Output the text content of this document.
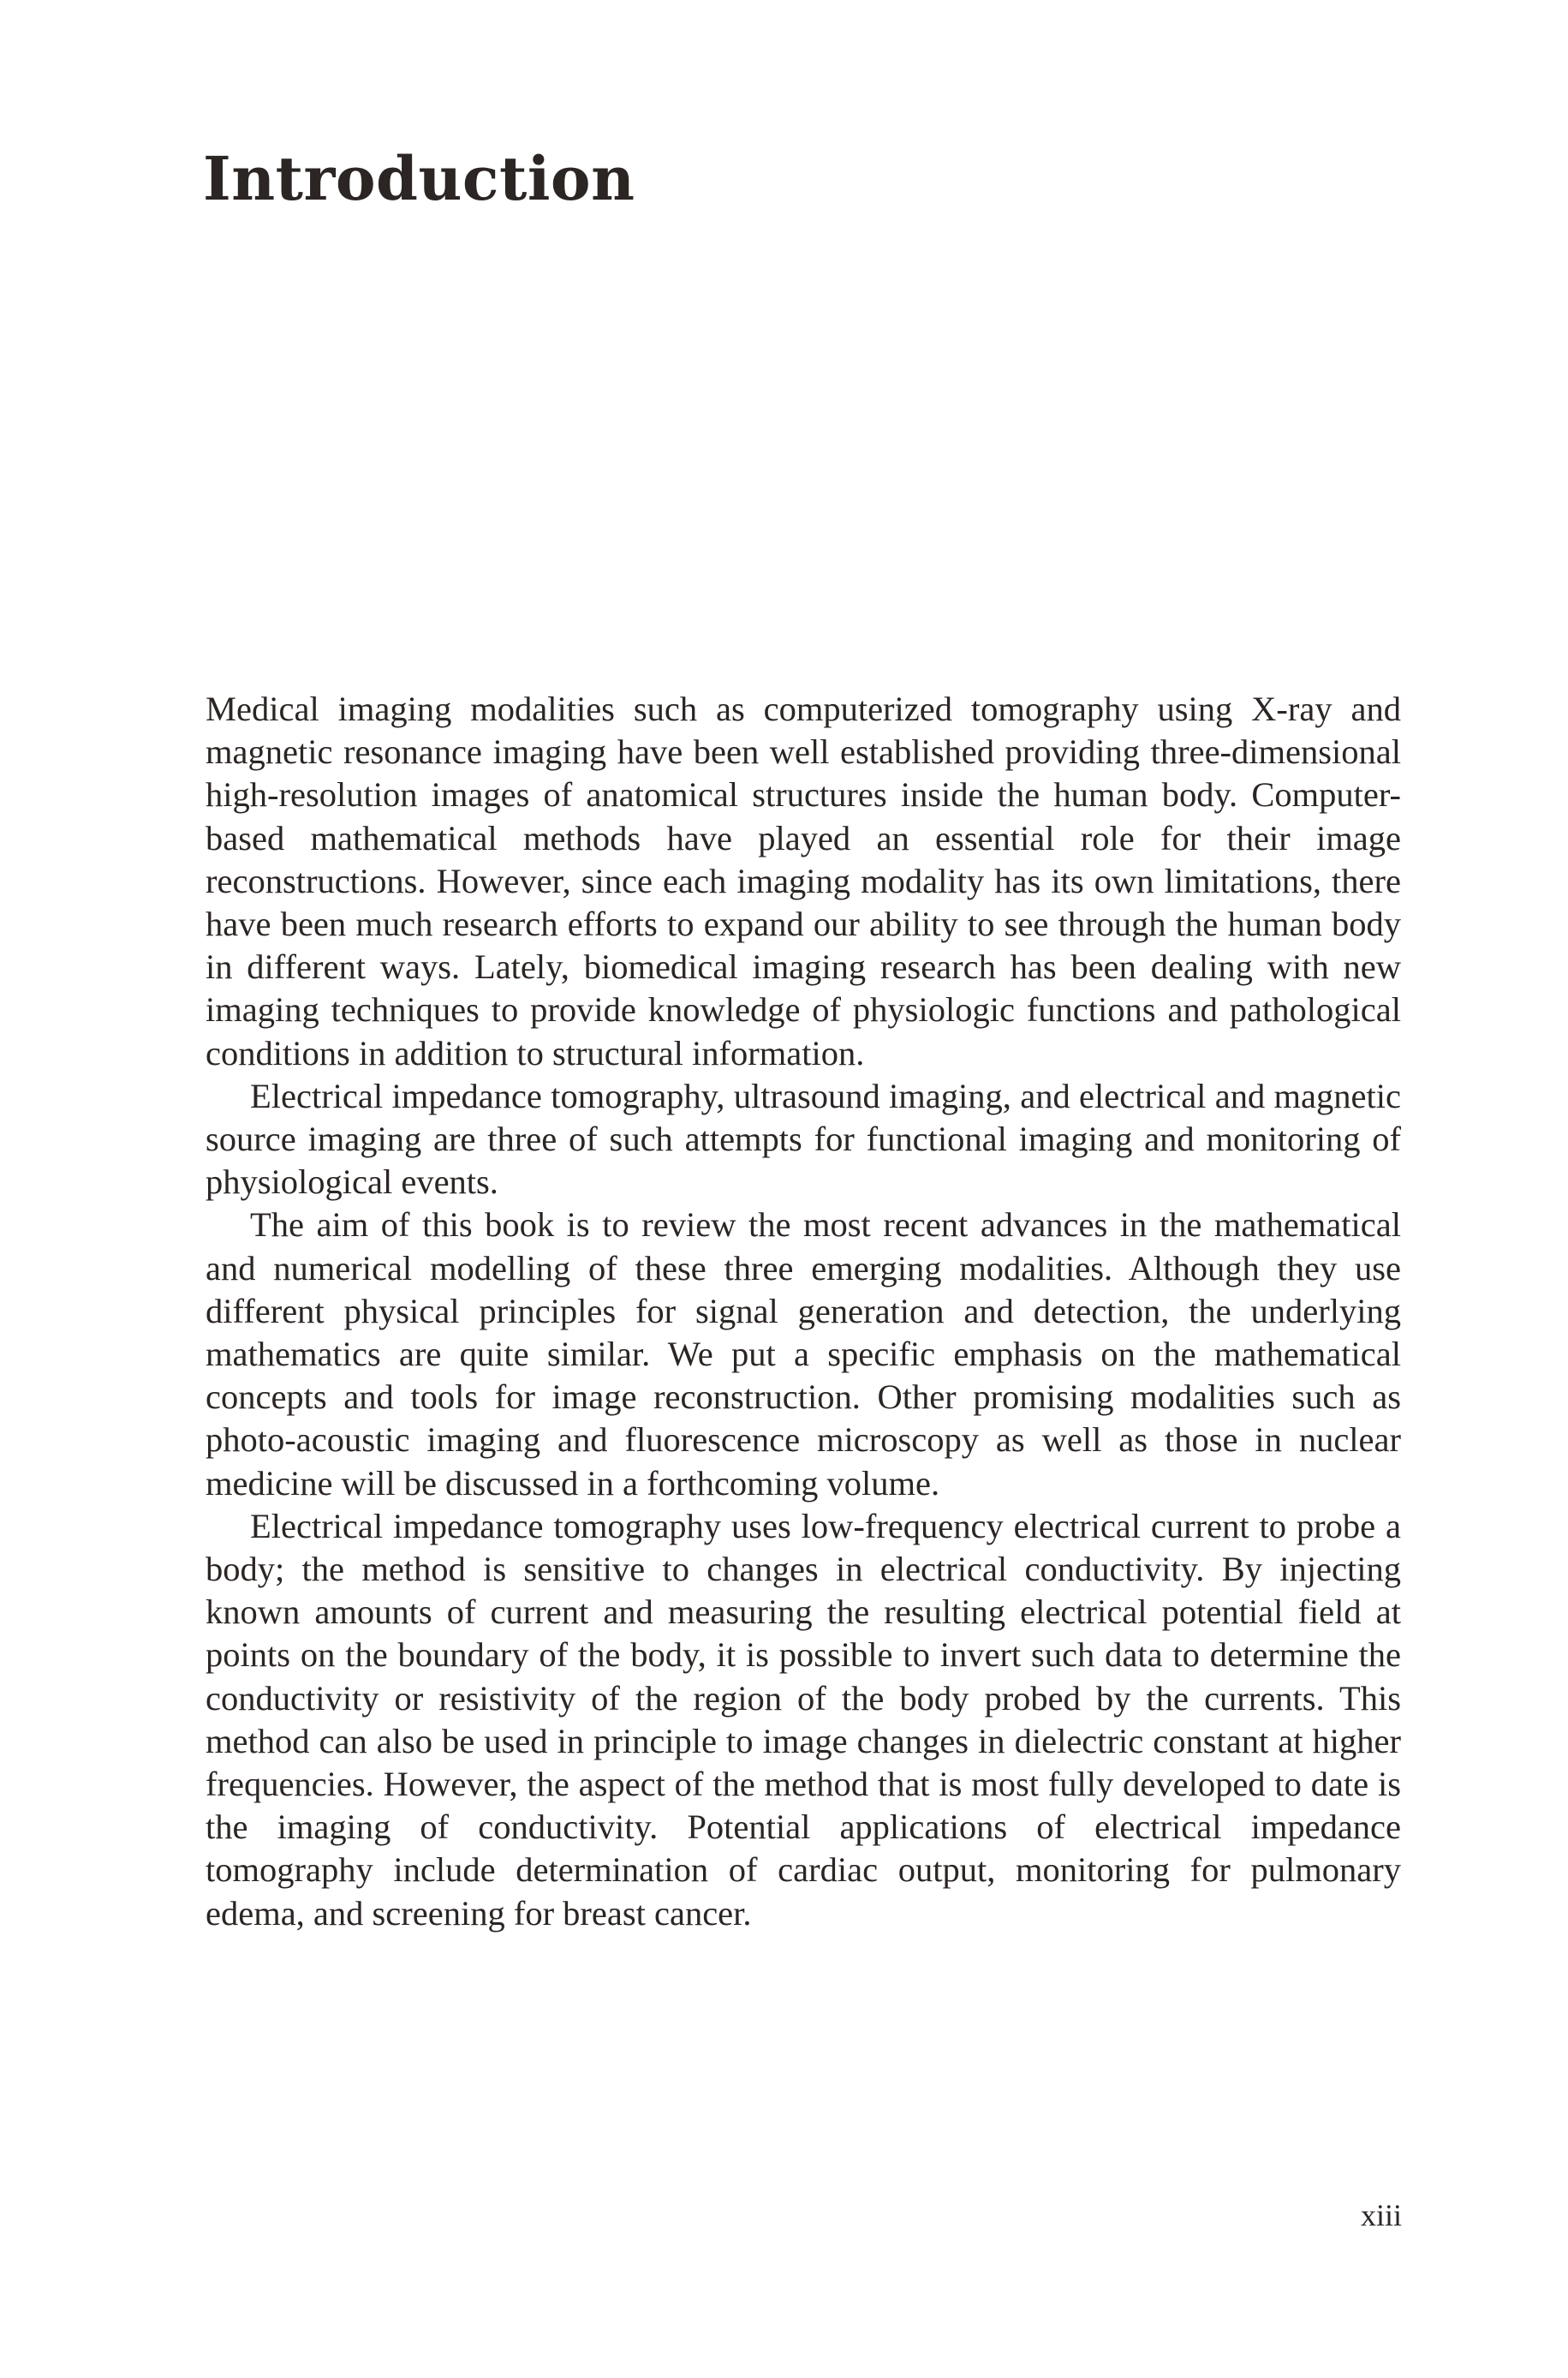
Introduction

Medical imaging modalities such as computerized tomography using X-ray and magnetic resonance imaging have been well established providing three-dimensional high-resolution images of anatomical structures inside the human body. Computer-based mathematical methods have played an essential role for their image reconstructions. However, since each imaging modality has its own limitations, there have been much research efforts to expand our ability to see through the human body in different ways. Lately, biomedical imaging research has been dealing with new imaging techniques to provide knowledge of physiologic functions and pathological conditions in addition to structural information.

Electrical impedance tomography, ultrasound imaging, and electrical and magnetic source imaging are three of such attempts for functional imaging and monitoring of physiological events.

The aim of this book is to review the most recent advances in the mathematical and numerical modelling of these three emerging modalities. Although they use different physical principles for signal generation and detection, the underlying mathematics are quite similar. We put a specific emphasis on the mathematical concepts and tools for image reconstruction. Other promising modalities such as photo-acoustic imaging and fluorescence microscopy as well as those in nuclear medicine will be discussed in a forthcoming volume.

Electrical impedance tomography uses low-frequency electrical current to probe a body; the method is sensitive to changes in electrical conductivity. By injecting known amounts of current and measuring the resulting electrical potential field at points on the boundary of the body, it is possible to invert such data to determine the conductivity or resistivity of the region of the body probed by the currents. This method can also be used in principle to image changes in dielectric constant at higher frequencies. However, the aspect of the method that is most fully developed to date is the imaging of conductivity. Potential applications of electrical impedance tomography include determination of cardiac output, monitoring for pulmonary edema, and screening for breast cancer.

xiii
